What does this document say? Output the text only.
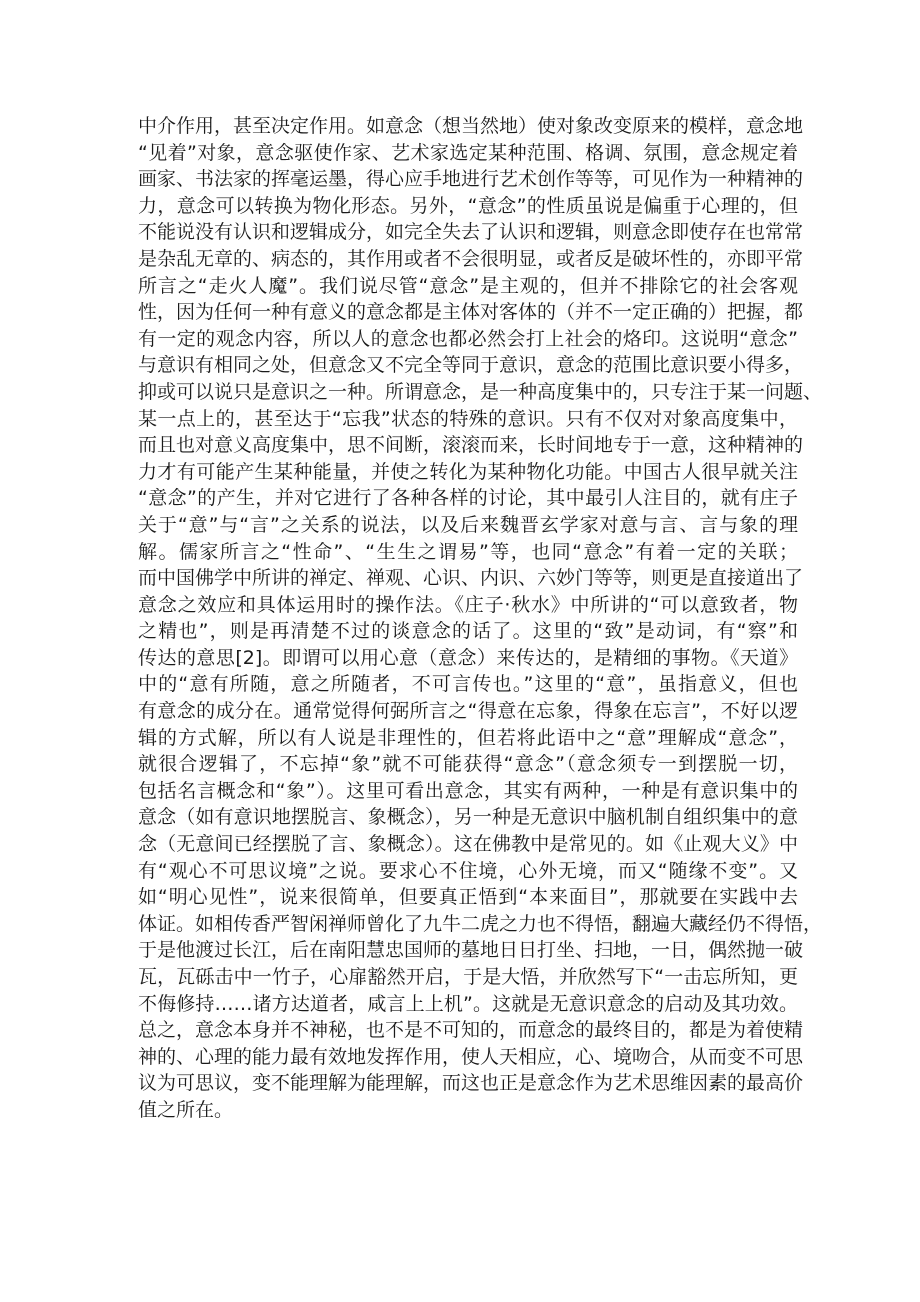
中介作用，甚至决定作用。如意念（想当然地）使对象改变原来的模样，意念地
“见着”对象，意念驱使作家、艺术家选定某种范围、格调、氛围，意念规定着
画家、书法家的挥毫运墨，得心应手地进行艺术创作等等，可见作为一种精神的
力，意念可以转换为物化形态。另外，“意念”的性质虽说是偏重于心理的，但
不能说没有认识和逻辑成分，如完全失去了认识和逻辑，则意念即使存在也常常
是杂乱无章的、病态的，其作用或者不会很明显，或者反是破坏性的，亦即平常
所言之“走火人魔”。我们说尽管“意念”是主观的，但并不排除它的社会客观
性，因为任何一种有意义的意念都是主体对客体的（并不一定正确的）把握，都
有一定的观念内容，所以人的意念也都必然会打上社会的烙印。这说明“意念”
与意识有相同之处，但意念又不完全等同于意识，意念的范围比意识要小得多，
抑或可以说只是意识之一种。所谓意念，是一种高度集中的，只专注于某一问题、
某一点上的，甚至达于“忘我”状态的特殊的意识。只有不仅对对象高度集中，
而且也对意义高度集中，思不间断，滚滚而来，长时间地专于一意，这种精神的
力才有可能产生某种能量，并使之转化为某种物化功能。中国古人很早就关注
“意念”的产生，并对它进行了各种各样的讨论，其中最引人注目的，就有庄子
关于“意”与“言”之关系的说法，以及后来魏晋玄学家对意与言、言与象的理
解。儒家所言之“性命”、“生生之谓易”等，也同“意念”有着一定的关联；
而中国佛学中所讲的禅定、禅观、心识、内识、六妙门等等，则更是直接道出了
意念之效应和具体运用时的操作法。《庄子·秋水》中所讲的“可以意致者，物
之精也”，则是再清楚不过的谈意念的话了。这里的“致”是动词，有“察”和
传达的意思[2]。即谓可以用心意（意念）来传达的，是精细的事物。《天道》
中的“意有所随，意之所随者，不可言传也。”这里的“意”，虽指意义，但也
有意念的成分在。通常觉得何弼所言之“得意在忘象，得象在忘言”，不好以逻
辑的方式解，所以有人说是非理性的，但若将此语中之“意”理解成“意念”，
就很合逻辑了，不忘掉“象”就不可能获得“意念”（意念须专一到摆脱一切，
包括名言概念和“象”）。这里可看出意念，其实有两种，一种是有意识集中的
意念（如有意识地摆脱言、象概念），另一种是无意识中脑机制自组织集中的意
念（无意间已经摆脱了言、象概念）。这在佛教中是常见的。如《止观大义》中
有“观心不可思议境”之说。要求心不住境，心外无境，而又“随缘不变”。又
如“明心见性”，说来很简单，但要真正悟到“本来面目”，那就要在实践中去
体证。如相传香严智闲禅师曾化了九牛二虎之力也不得悟，翻遍大藏经仍不得悟，
于是他渡过长江，后在南阳慧忠国师的墓地日日打坐、扫地，一日，偶然抛一破
瓦，瓦砾击中一竹子，心扉豁然开启，于是大悟，并欣然写下“一击忘所知，更
不侮修持……诸方达道者，咸言上上机”。这就是无意识意念的启动及其功效。
总之，意念本身并不神秘，也不是不可知的，而意念的最终目的，都是为着使精
神的、心理的能力最有效地发挥作用，使人天相应，心、境吻合，从而变不可思
议为可思议，变不能理解为能理解，而这也正是意念作为艺术思维因素的最高价
值之所在。
